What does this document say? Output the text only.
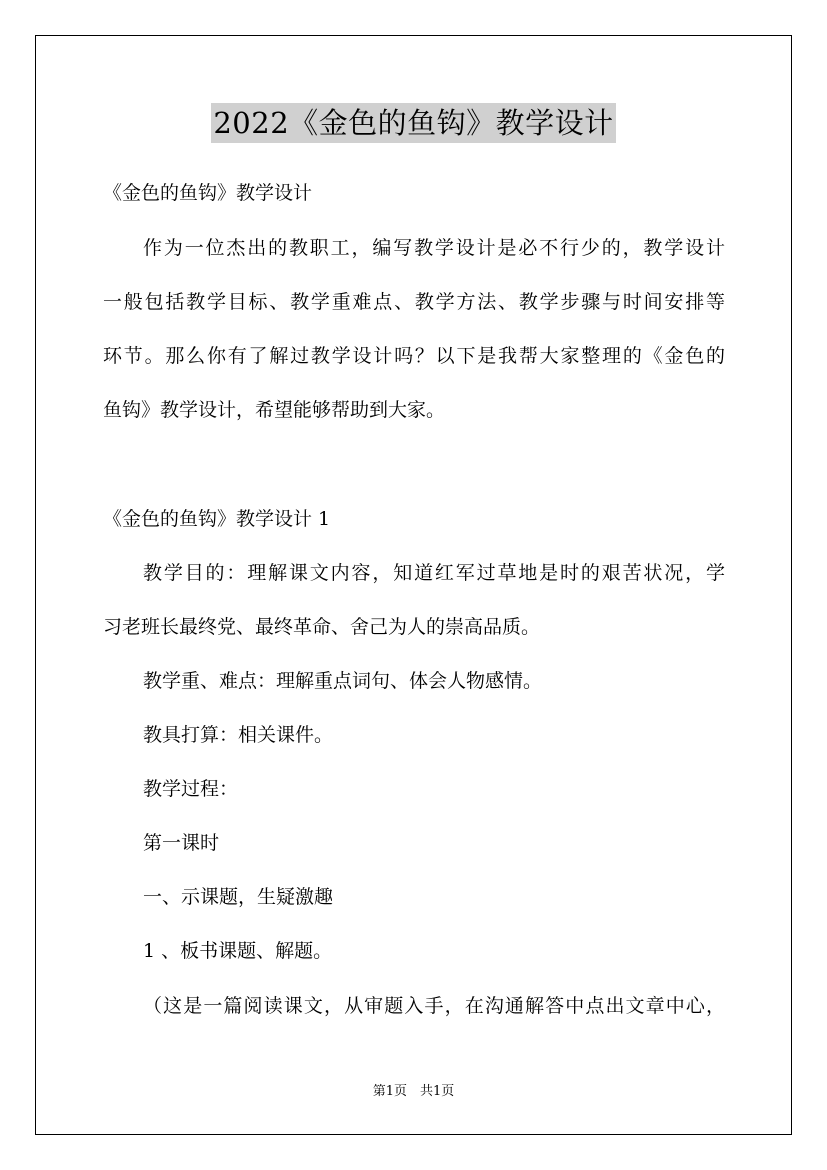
2022《金色的鱼钩》教学设计
《金色的鱼钩》教学设计
作为一位杰出的教职工，编写教学设计是必不行少的，教学设计
一般包括教学目标、教学重难点、教学方法、教学步骤与时间安排等
环节。那么你有了解过教学设计吗？以下是我帮大家整理的《金色的
鱼钩》教学设计，希望能够帮助到大家。
《金色的鱼钩》教学设计 1
教学目的：理解课文内容，知道红军过草地是时的艰苦状况，学
习老班长最终党、最终革命、舍己为人的崇高品质。
教学重、难点：理解重点词句、体会人物感情。
教具打算：相关课件。
教学过程：
第一课时
一、示课题，生疑激趣
1 、板书课题、解题。
（这是一篇阅读课文，从审题入手，在沟通解答中点出文章中心，
第1页　共1页
